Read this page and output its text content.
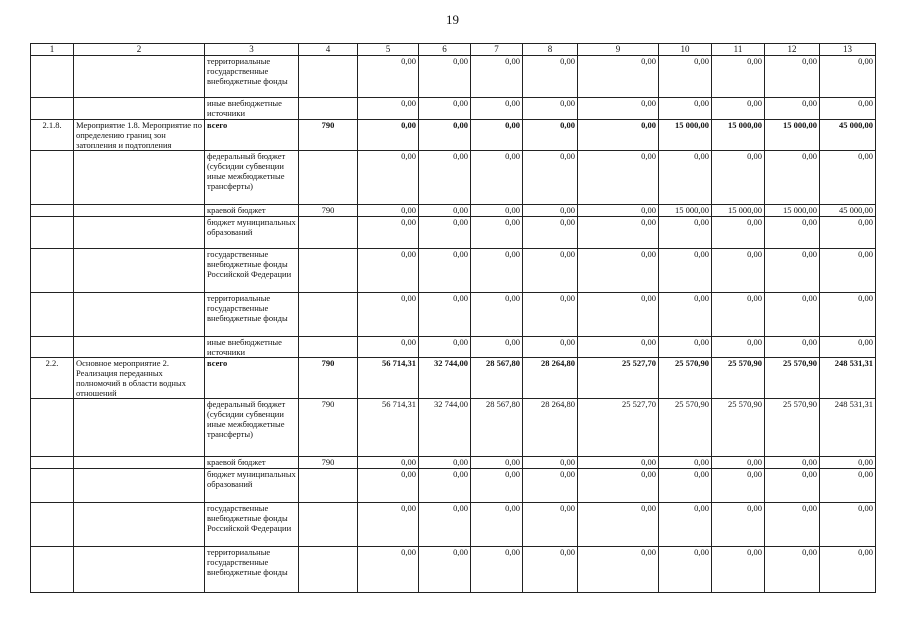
19
1	2	3	4	5	6	7	8	9	10	11	12	13
		территориальные государственные внебюджетные фонды		0,00	0,00	0,00	0,00	0,00	0,00	0,00	0,00	0,00
		иные внебюджетные источники		0,00	0,00	0,00	0,00	0,00	0,00	0,00	0,00	0,00
2.1.8.	Мероприятие 1.8. Мероприятие по определению границ зон затопления и подтопления	всего	790	0,00	0,00	0,00	0,00	0,00	15 000,00	15 000,00	15 000,00	45 000,00
		федеральный бюджет (субсидии субвенции иные межбюджетные трансферты)		0,00	0,00	0,00	0,00	0,00	0,00	0,00	0,00	0,00
		краевой бюджет	790	0,00	0,00	0,00	0,00	0,00	15 000,00	15 000,00	15 000,00	45 000,00
		бюджет муниципальных образований		0,00	0,00	0,00	0,00	0,00	0,00	0,00	0,00	0,00
		государственные внебюджетные фонды Российской Федерации		0,00	0,00	0,00	0,00	0,00	0,00	0,00	0,00	0,00
		территориальные государственные внебюджетные фонды		0,00	0,00	0,00	0,00	0,00	0,00	0,00	0,00	0,00
		иные внебюджетные источники		0,00	0,00	0,00	0,00	0,00	0,00	0,00	0,00	0,00
2.2.	Основное мероприятие 2. Реализация переданных полномочий в области водных отношений	всего	790	56 714,31	32 744,00	28 567,80	28 264,80	25 527,70	25 570,90	25 570,90	25 570,90	248 531,31
		федеральный бюджет (субсидии субвенции иные межбюджетные трансферты)	790	56 714,31	32 744,00	28 567,80	28 264,80	25 527,70	25 570,90	25 570,90	25 570,90	248 531,31
		краевой бюджет	790	0,00	0,00	0,00	0,00	0,00	0,00	0,00	0,00	0,00
		бюджет муниципальных образований		0,00	0,00	0,00	0,00	0,00	0,00	0,00	0,00	0,00
		государственные внебюджетные фонды Российской Федерации		0,00	0,00	0,00	0,00	0,00	0,00	0,00	0,00	0,00
		территориальные государственные внебюджетные фонды		0,00	0,00	0,00	0,00	0,00	0,00	0,00	0,00	0,00
